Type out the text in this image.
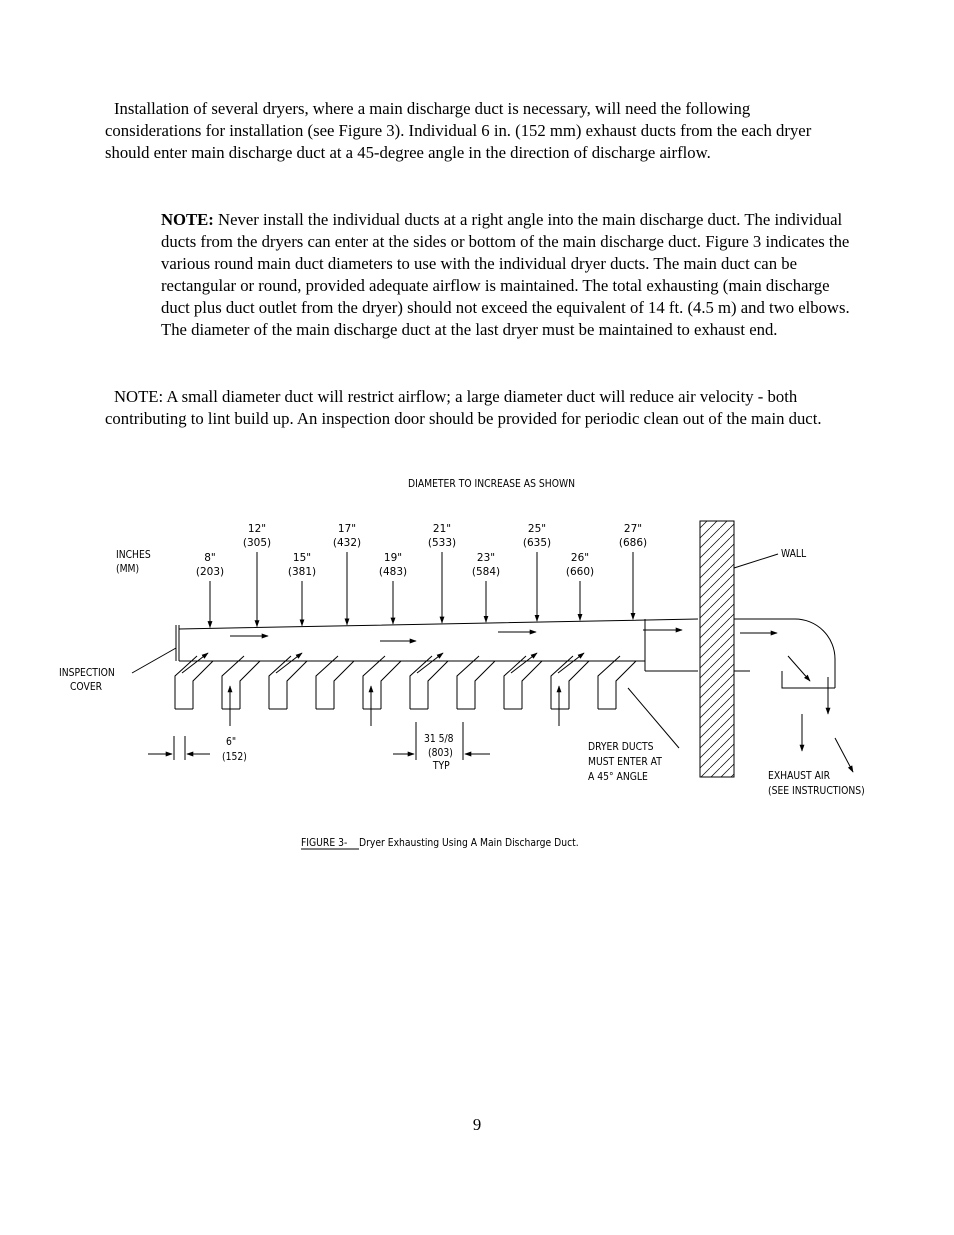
Installation of several dryers, where a main discharge duct is necessary, will need the following considerations for installation (see Figure 3). Individual 6 in. (152 mm) exhaust ducts from the each dryer should enter main discharge duct at a 45-degree angle in the direction of discharge airflow.

NOTE: Never install the individual ducts at a right angle into the main discharge duct. The individual ducts from the dryers can enter at the sides or bottom of the main discharge duct. Figure 3 indicates the various round main duct diameters to use with the individual dryer ducts. The main duct can be rectangular or round, provided adequate airflow is maintained. The total exhausting (main discharge duct plus duct outlet from the dryer) should not exceed the equivalent of 14 ft. (4.5 m) and two elbows. The diameter of the main discharge duct at the last dryer must be maintained to exhaust end.

NOTE: A small diameter duct will restrict airflow; a large diameter duct will reduce air velocity - both contributing to lint build up. An inspection door should be provided for periodic clean out of the main duct.

DIAMETER TO INCREASE AS SHOWN
INCHES
(MM)
8"
(203)
12"
(305)
15"
(381)
17"
(432)
19"
(483)
21"
(533)
23"
(584)
25"
(635)
26"
(660)
27"
(686)
INSPECTION
COVER
WALL
DRYER DUCTS
MUST ENTER AT
A 45° ANGLE	EXHAUST AIR
(SEE INSTRUCTIONS)
6"
(152)
31 5/8
(803)
TYP
FIGURE 3- Dryer Exhausting Using A Main Discharge Duct.
9
